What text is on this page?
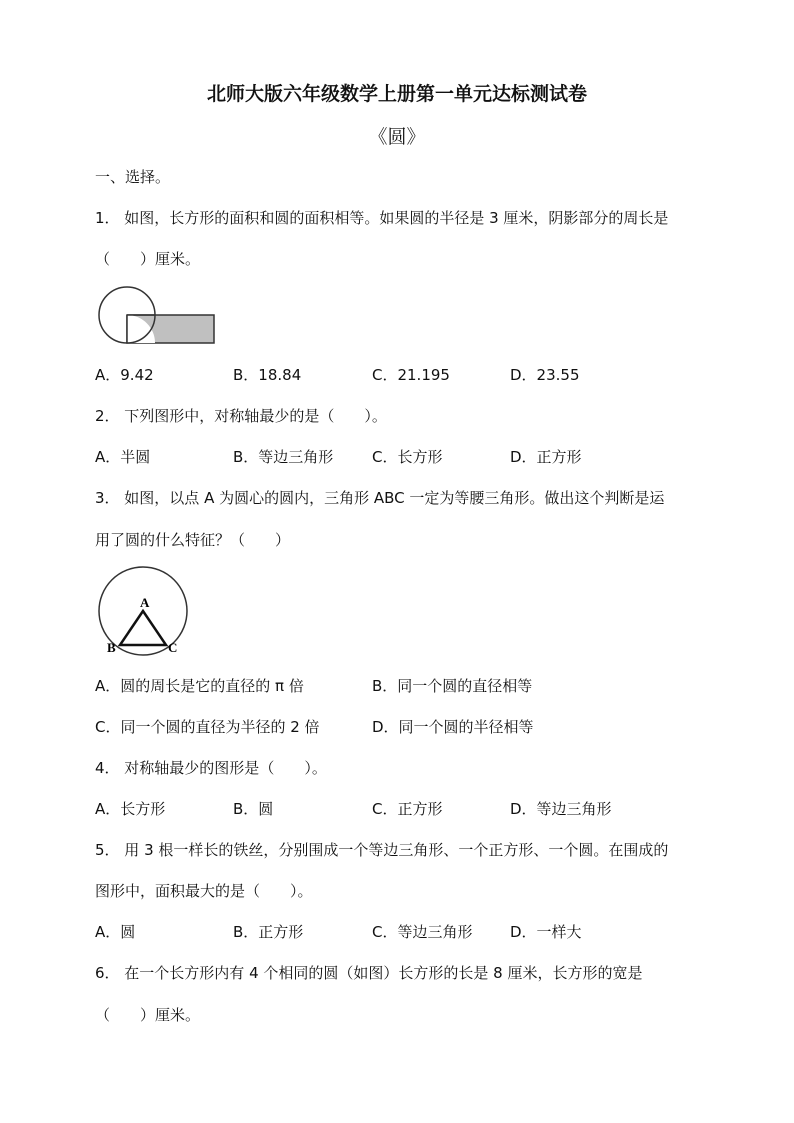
北师大版六年级数学上册第一单元达标测试卷
《圆》
一、选择。
1． 如图，长方形的面积和圆的面积相等。如果圆的半径是 3 厘米，阴影部分的周长是
（　　）厘米。
A．9.42	B．18.84	C．21.195	D．23.55
2． 下列图形中，对称轴最少的是（　　）。
A．半圆	B．等边三角形	C．长方形	D．正方形
3． 如图，以点 A 为圆心的圆内，三角形 ABC 一定为等腰三角形。做出这个判断是运
用了圆的什么特征？（　　）
A
B	C
A．圆的周长是它的直径的 π 倍	B．同一个圆的直径相等
C．同一个圆的直径为半径的 2 倍	D．同一个圆的半径相等
4． 对称轴最少的图形是（　　）。
A．长方形	B．圆	C．正方形	D．等边三角形
5． 用 3 根一样长的铁丝，分别围成一个等边三角形、一个正方形、一个圆。在围成的
图形中，面积最大的是（　　）。
A．圆	B．正方形	C．等边三角形	D．一样大
6． 在一个长方形内有 4 个相同的圆（如图）长方形的长是 8 厘米，长方形的宽是
（　　）厘米。
